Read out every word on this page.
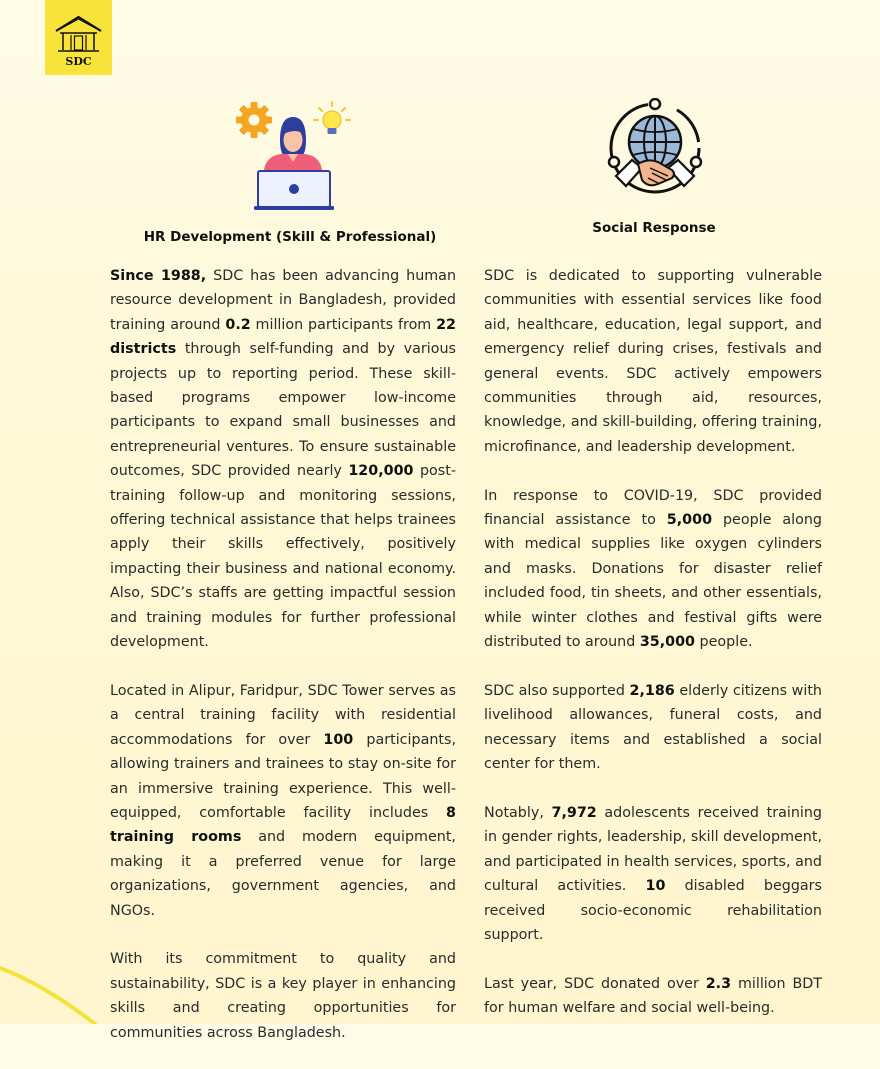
SDC
HR Development (Skill & Professional)
Social Response

Since 1988, SDC has been advancing human resource development in Bangladesh, provided training around 0.2 million participants from 22 districts through self-funding and by various projects up to reporting period. These skill-based programs empower low-income participants to expand small businesses and entrepreneurial ventures. To ensure sustainable outcomes, SDC provided nearly 120,000 post-training follow-up and monitoring sessions, offering technical assistance that helps trainees apply their skills effectively, positively impacting their business and national economy. Also, SDC’s staffs are getting impactful session and training modules for further professional development.

Located in Alipur, Faridpur, SDC Tower serves as a central training facility with residential accommodations for over 100 participants, allowing trainers and trainees to stay on-site for an immersive training experience. This well-equipped, comfortable facility includes 8 training rooms and modern equipment, making it a preferred venue for large organizations, government agencies, and NGOs.

With its commitment to quality and sustainability, SDC is a key player in enhancing skills and creating opportunities for communities across Bangladesh.

SDC is dedicated to supporting vulnerable communities with essential services like food aid, healthcare, education, legal support, and emergency relief during crises, festivals and general events. SDC actively empowers communities through aid, resources, knowledge, and skill-building, offering training, microfinance, and leadership development.

In response to COVID-19, SDC provided financial assistance to 5,000 people along with medical supplies like oxygen cylinders and masks. Donations for disaster relief included food, tin sheets, and other essentials, while winter clothes and festival gifts were distributed to around 35,000 people.

SDC also supported 2,186 elderly citizens with livelihood allowances, funeral costs, and necessary items and established a social center for them.

Notably, 7,972 adolescents received training in gender rights, leadership, skill development, and participated in health services, sports, and cultural activities. 10 disabled beggars received socio-economic rehabilitation support.

Last year, SDC donated over 2.3 million BDT for human welfare and social well-being.
